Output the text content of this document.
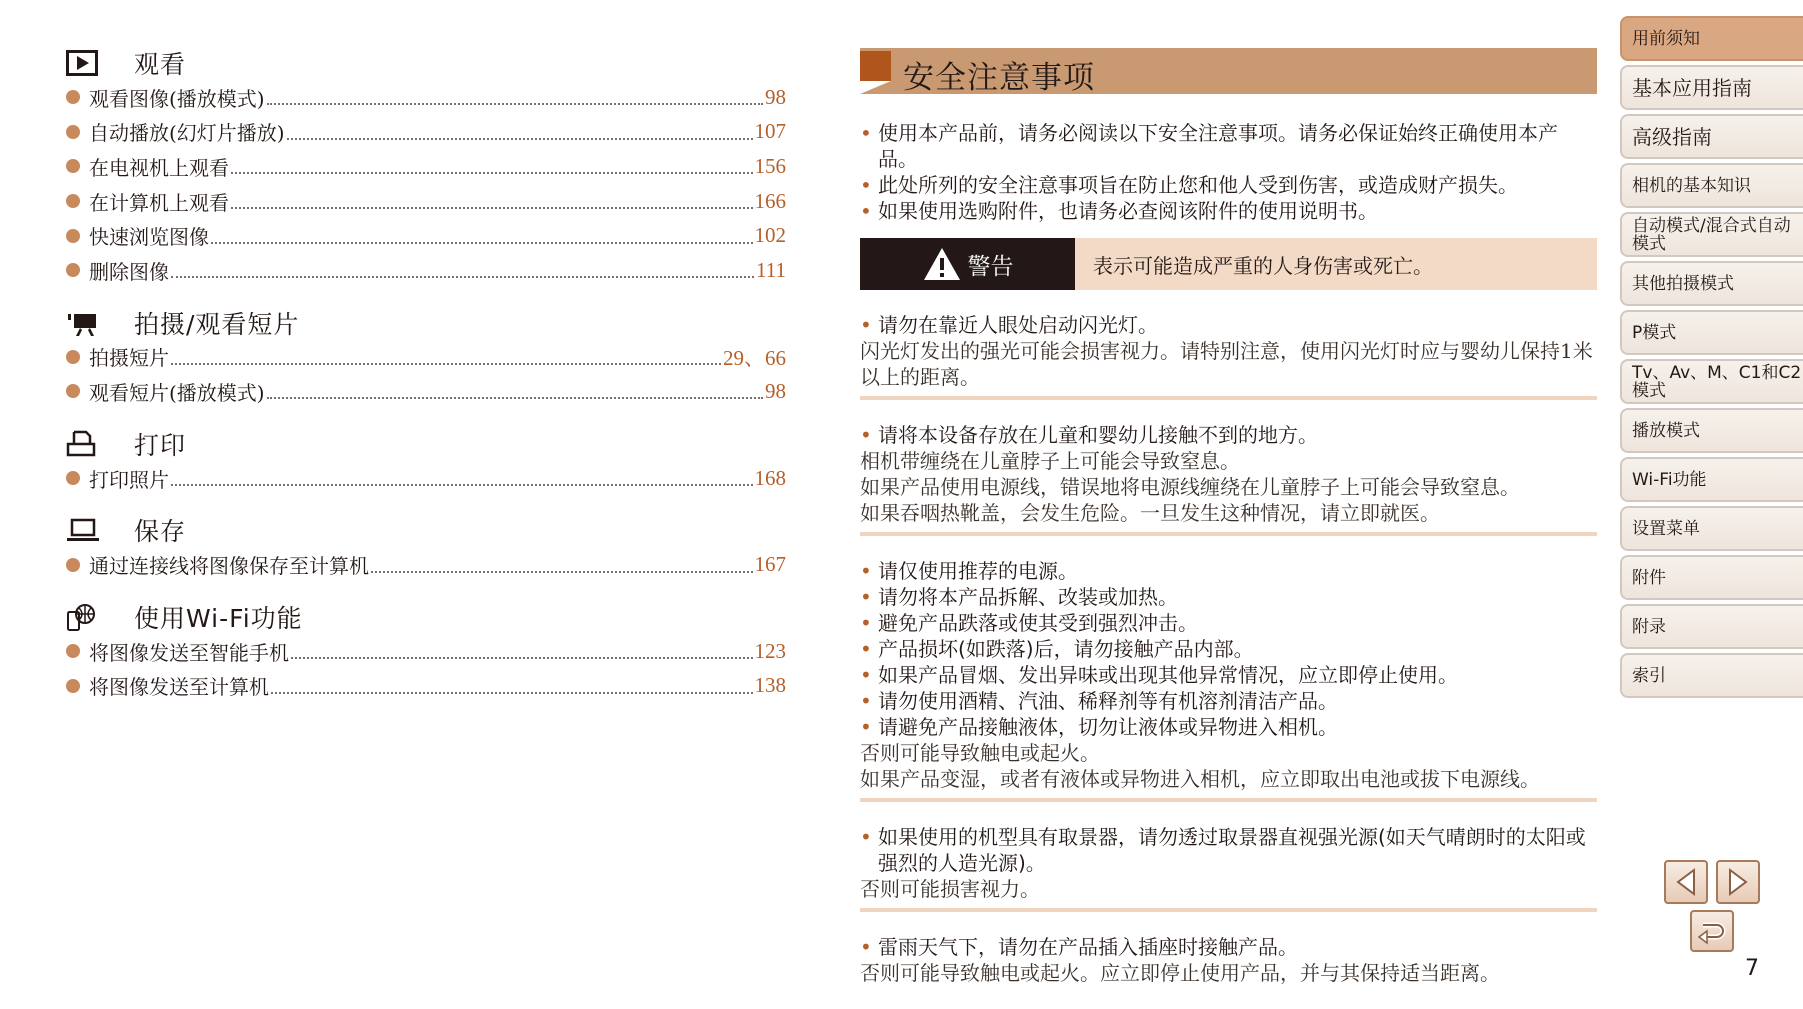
观看
观看图像(播放模式)	98
自动播放(幻灯片播放)	107
在电视机上观看	156
在计算机上观看	166
快速浏览图像	102
删除图像	111
拍摄/观看短片
拍摄短片	29、66
观看短片(播放模式)	98
打印
打印照片	168
保存
通过连接线将图像保存至计算机	167
使用Wi-Fi功能
将图像发送至智能手机	123
将图像发送至计算机	138
安全注意事项
• 使用本产品前，请务必阅读以下安全注意事项。请务必保证始终正确使用本产品。
• 此处所列的安全注意事项旨在防止您和他人受到伤害，或造成财产损失。
• 如果使用选购附件，也请务必查阅该附件的使用说明书。
警告	表示可能造成严重的人身伤害或死亡。
• 请勿在靠近人眼处启动闪光灯。
闪光灯发出的强光可能会损害视力。请特别注意，使用闪光灯时应与婴幼儿保持1米以上的距离。
• 请将本设备存放在儿童和婴幼儿接触不到的地方。
相机带缠绕在儿童脖子上可能会导致窒息。
如果产品使用电源线，错误地将电源线缠绕在儿童脖子上可能会导致窒息。
如果吞咽热靴盖，会发生危险。一旦发生这种情况，请立即就医。
• 请仅使用推荐的电源。
• 请勿将本产品拆解、改装或加热。
• 避免产品跌落或使其受到强烈冲击。
• 产品损坏(如跌落)后，请勿接触产品内部。
• 如果产品冒烟、发出异味或出现其他异常情况，应立即停止使用。
• 请勿使用酒精、汽油、稀释剂等有机溶剂清洁产品。
• 请避免产品接触液体，切勿让液体或异物进入相机。
否则可能导致触电或起火。
如果产品变湿，或者有液体或异物进入相机，应立即取出电池或拔下电源线。
• 如果使用的机型具有取景器，请勿透过取景器直视强光源(如天气晴朗时的太阳或强烈的人造光源)。
否则可能损害视力。
• 雷雨天气下，请勿在产品插入插座时接触产品。
否则可能导致触电或起火。应立即停止使用产品，并与其保持适当距离。
用前须知
基本应用指南
高级指南
相机的基本知识
自动模式/混合式自动模式
其他拍摄模式
P模式
Tv、Av、M、C1和C2模式
播放模式
Wi-Fi功能
设置菜单
附件
附录
索引
7
